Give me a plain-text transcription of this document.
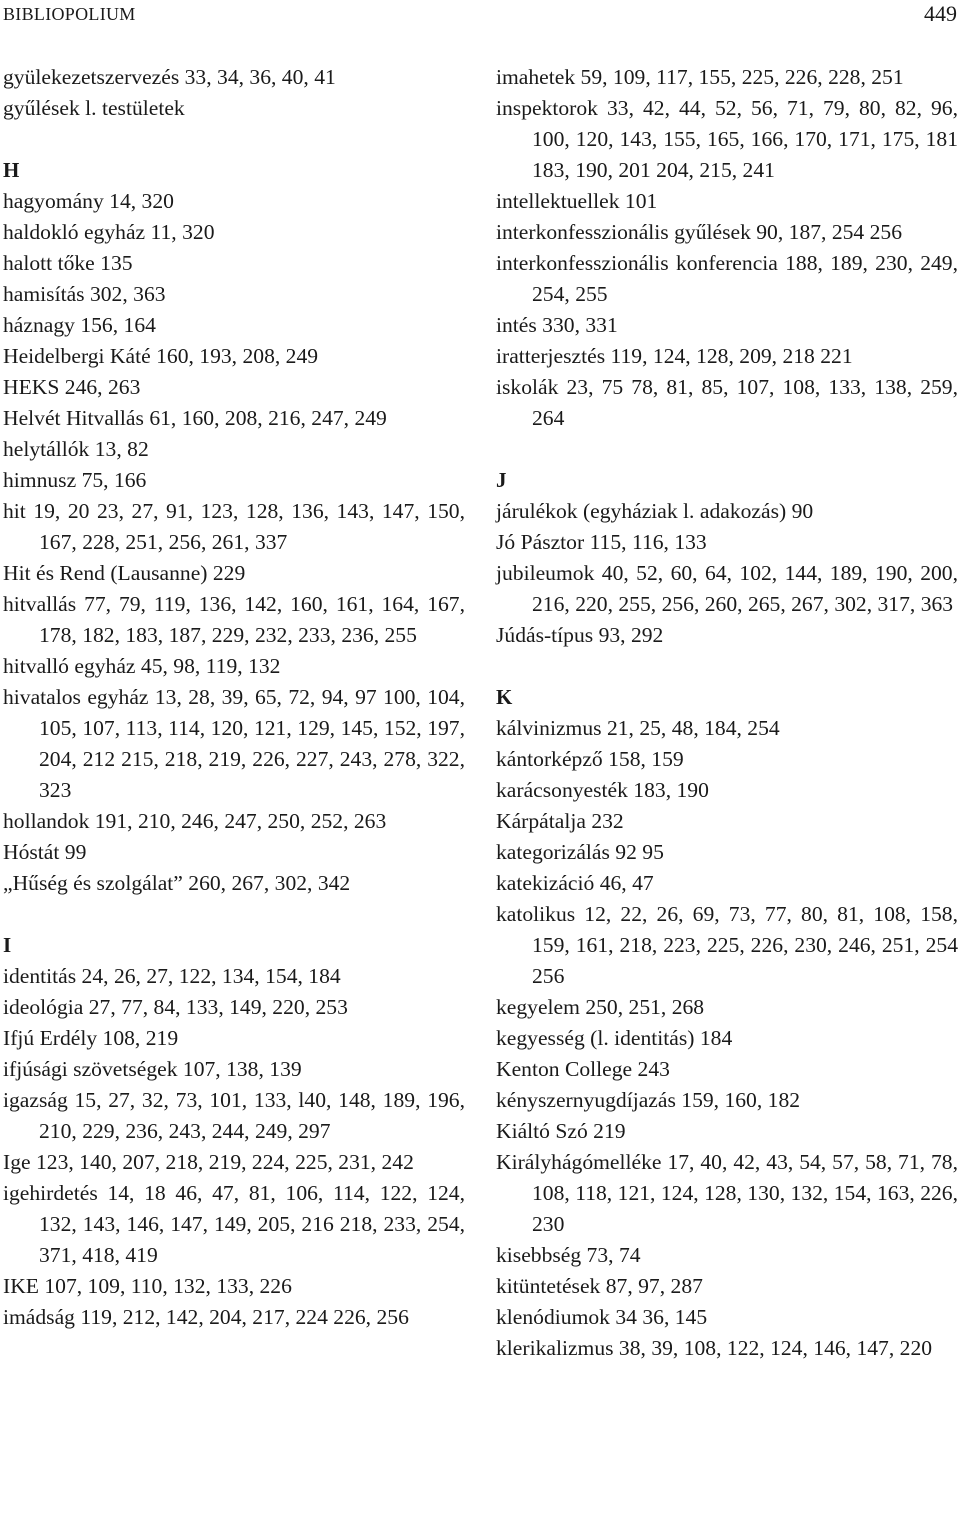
BIBLIOPOLIUM	449
gyülekezetszervezés 33, 34, 36, 40, 41
gyűlések l. testületek
H
hagyomány 14, 320
haldokló egyház 11, 320
halott tőke 135
hamisítás 302, 363
háznagy 156, 164
Heidelbergi Káté 160, 193, 208, 249
HEKS 246, 263
Helvét Hitvallás 61, 160, 208, 216, 247, 249
helytállók 13, 82
himnusz 75, 166
hit 19, 20 23, 27, 91, 123, 128, 136, 143, 147, 150, 167, 228, 251, 256, 261, 337
Hit és Rend (Lausanne) 229
hitvallás 77, 79, 119, 136, 142, 160, 161, 164, 167, 178, 182, 183, 187, 229, 232, 233, 236, 255
hitvalló egyház 45, 98, 119, 132
hivatalos egyház 13, 28, 39, 65, 72, 94, 97 100, 104, 105, 107, 113, 114, 120, 121, 129, 145, 152, 197, 204, 212 215, 218, 219, 226, 227, 243, 278, 322, 323
hollandok 191, 210, 246, 247, 250, 252, 263
Hóstát 99
„Hűség és szolgálat” 260, 267, 302, 342
I
identitás 24, 26, 27, 122, 134, 154, 184
ideológia 27, 77, 84, 133, 149, 220, 253
Ifjú Erdély 108, 219
ifjúsági szövetségek 107, 138, 139
igazság 15, 27, 32, 73, 101, 133, l40, 148, 189, 196, 210, 229, 236, 243, 244, 249, 297
Ige 123, 140, 207, 218, 219, 224, 225, 231, 242
igehirdetés 14, 18 46, 47, 81, 106, 114, 122, 124, 132, 143, 146, 147, 149, 205, 216 218, 233, 254, 371, 418, 419
IKE 107, 109, 110, 132, 133, 226
imádság 119, 212, 142, 204, 217, 224 226, 256
imahetek 59, 109, 117, 155, 225, 226, 228, 251
inspektorok 33, 42, 44, 52, 56, 71, 79, 80, 82, 96, 100, 120, 143, 155, 165, 166, 170, 171, 175, 181 183, 190, 201 204, 215, 241
intellektuellek 101
interkonfesszionális gyűlések 90, 187, 254 256
interkonfesszionális konferencia 188, 189, 230, 249, 254, 255
intés 330, 331
iratterjesztés 119, 124, 128, 209, 218 221
iskolák 23, 75 78, 81, 85, 107, 108, 133, 138, 259, 264
J
járulékok (egyháziak l. adakozás) 90
Jó Pásztor 115, 116, 133
jubileumok 40, 52, 60, 64, 102, 144, 189, 190, 200, 216, 220, 255, 256, 260, 265, 267, 302, 317, 363
Júdás-típus 93, 292
K
kálvinizmus 21, 25, 48, 184, 254
kántorképző 158, 159
karácsonyesték 183, 190
Kárpátalja 232
kategorizálás 92 95
katekizáció 46, 47
katolikus 12, 22, 26, 69, 73, 77, 80, 81, 108, 158, 159, 161, 218, 223, 225, 226, 230, 246, 251, 254 256
kegyelem 250, 251, 268
kegyesség (l. identitás) 184
Kenton College 243
kényszernyugdíjazás 159, 160, 182
Kiáltó Szó 219
Királyhágómelléke 17, 40, 42, 43, 54, 57, 58, 71, 78, 108, 118, 121, 124, 128, 130, 132, 154, 163, 226, 230
kisebbség 73, 74
kitüntetések 87, 97, 287
klenódiumok 34 36, 145
klerikalizmus 38, 39, 108, 122, 124, 146, 147, 220
